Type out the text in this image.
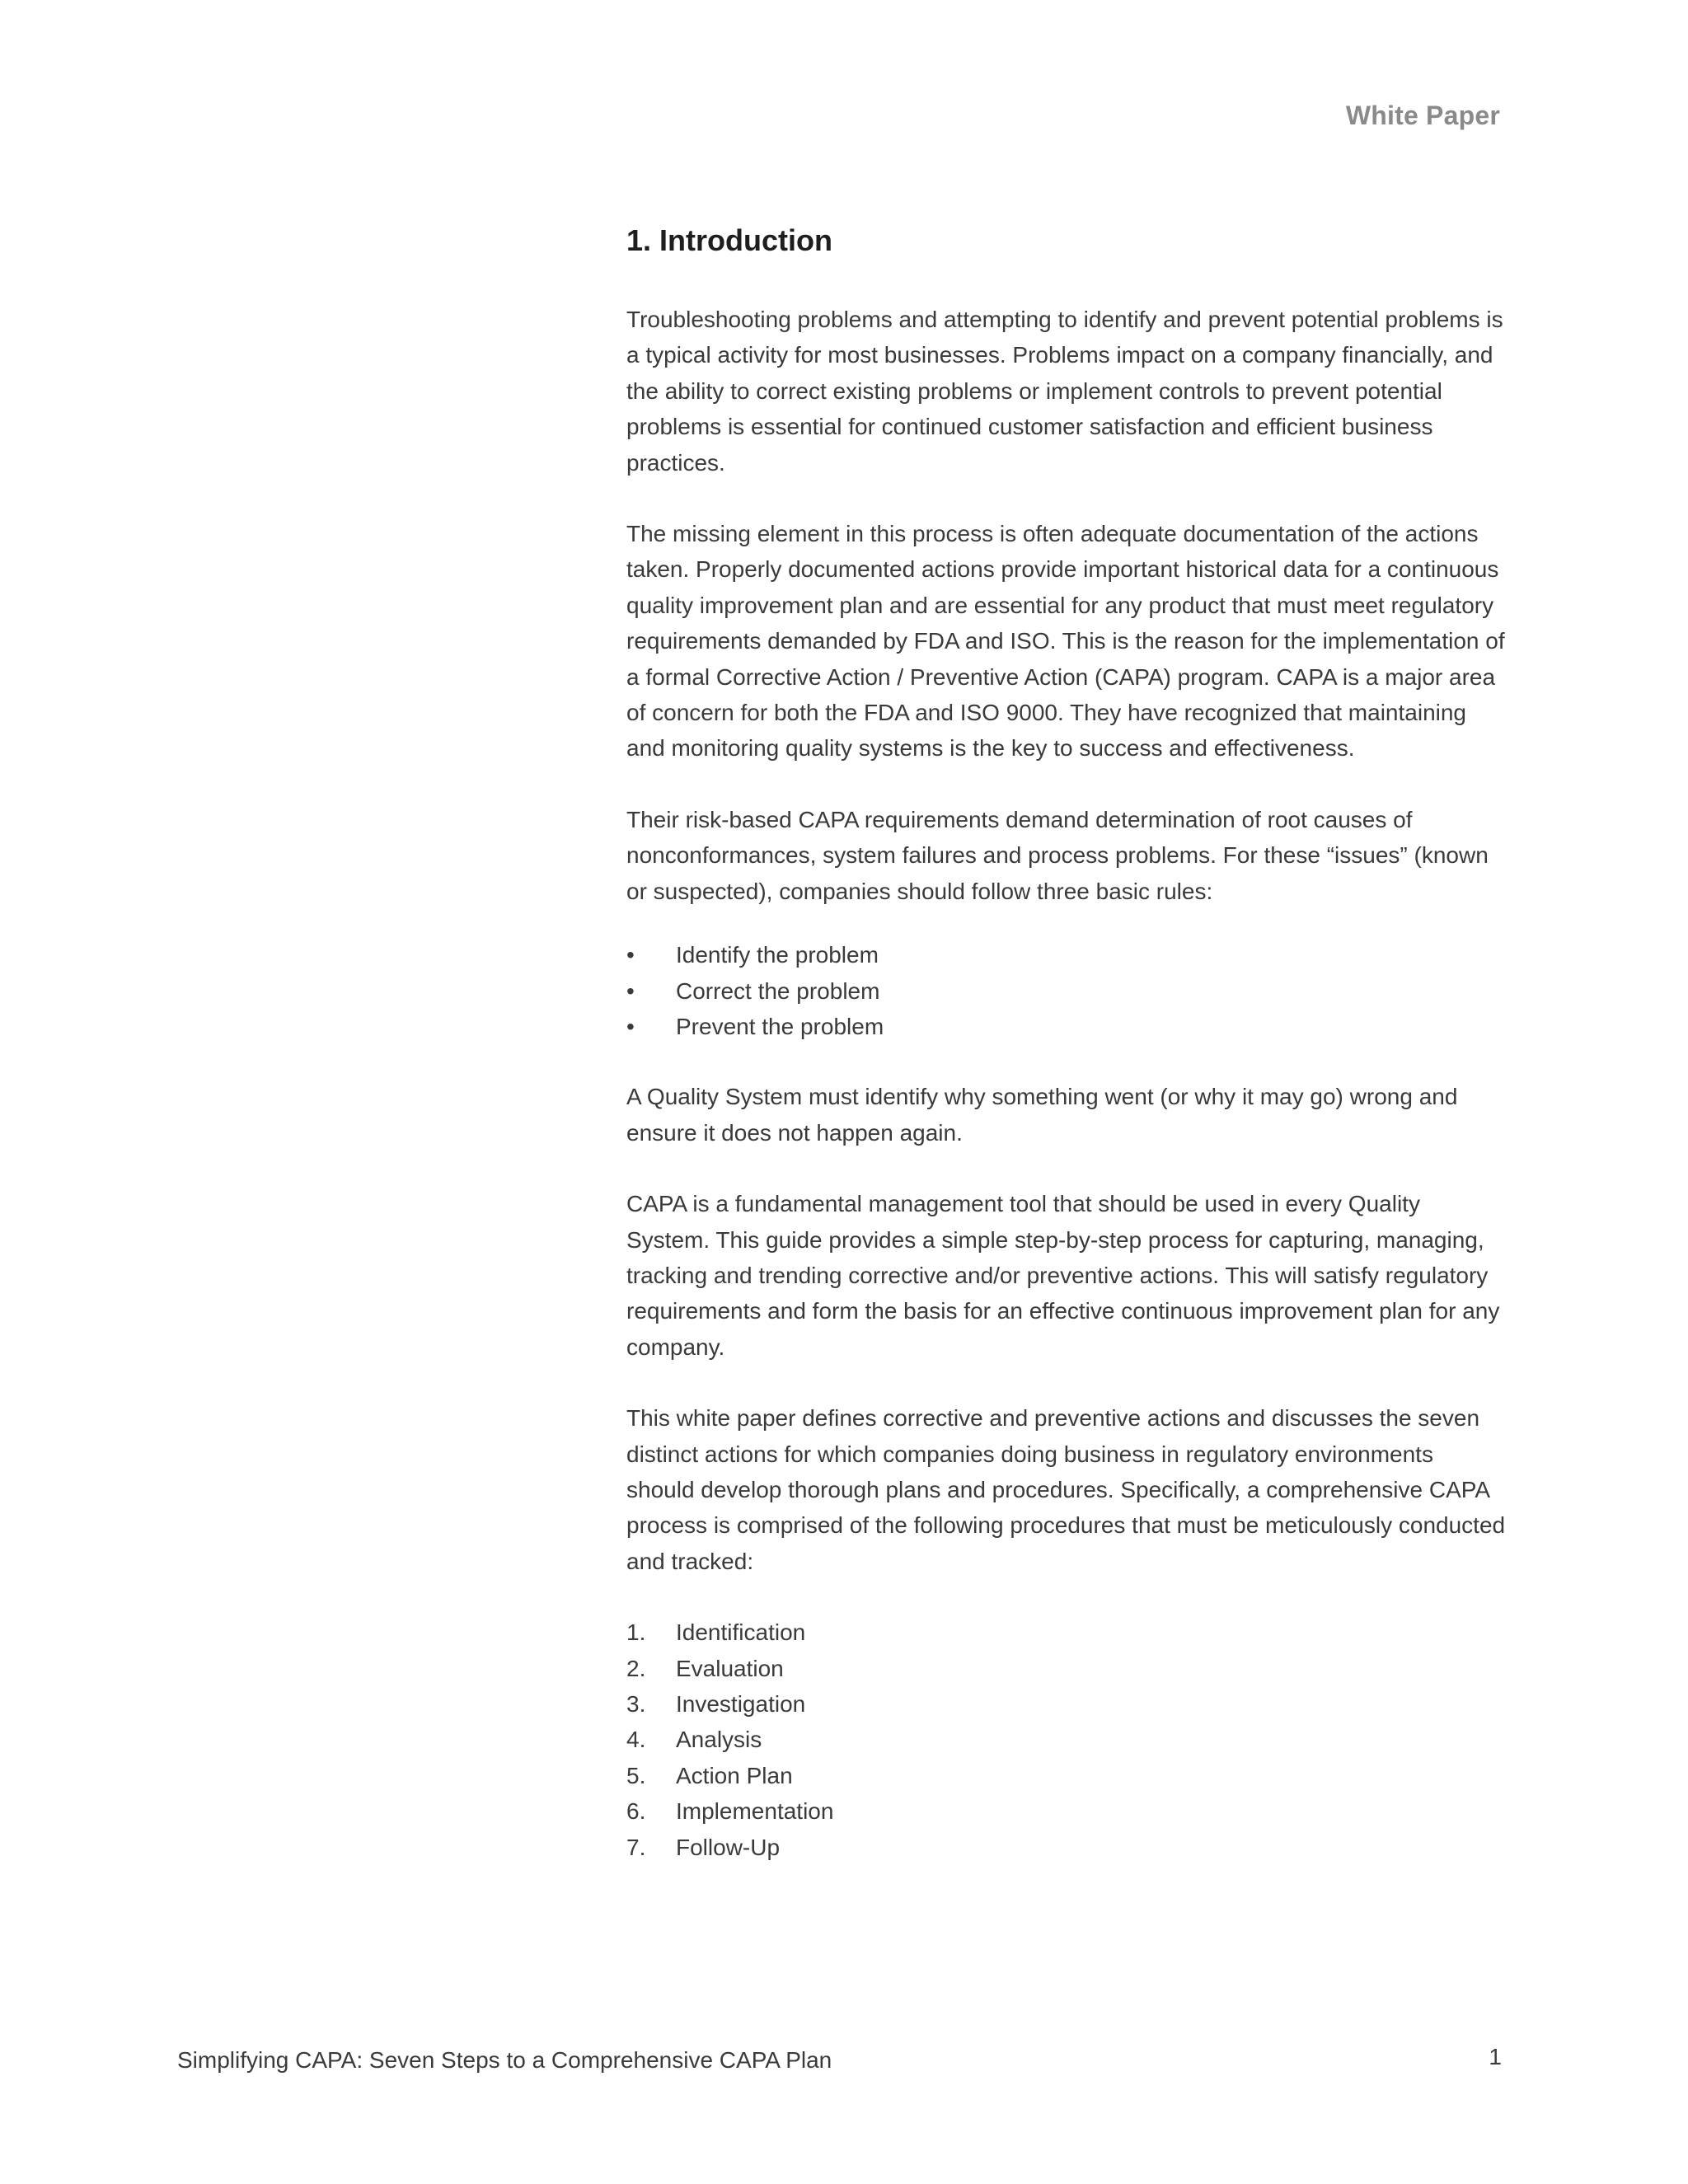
White Paper
1. Introduction

Troubleshooting problems and attempting to identify and prevent potential problems is a typical activity for most businesses. Problems impact on a company financially, and the ability to correct existing problems or implement controls to prevent potential problems is essential for continued customer satisfaction and efficient business practices.

The missing element in this process is often adequate documentation of the actions taken. Properly documented actions provide important historical data for a continuous quality improvement plan and are essential for any product that must meet regulatory requirements demanded by FDA and ISO. This is the reason for the implementation of a formal Corrective Action / Preventive Action (CAPA) program. CAPA is a major area of concern for both the FDA and ISO 9000. They have recognized that maintaining and monitoring quality systems is the key to success and effectiveness.

Their risk-based CAPA requirements demand determination of root causes of nonconformances, system failures and process problems. For these “issues” (known or suspected), companies should follow three basic rules:

•	Identify the problem
•	Correct the problem
•	Prevent the problem

A Quality System must identify why something went (or why it may go) wrong and ensure it does not happen again.

CAPA is a fundamental management tool that should be used in every Quality System. This guide provides a simple step-by-step process for capturing, managing, tracking and trending corrective and/or preventive actions. This will satisfy regulatory requirements and form the basis for an effective continuous improvement plan for any company.

This white paper defines corrective and preventive actions and discusses the seven distinct actions for which companies doing business in regulatory environments should develop thorough plans and procedures. Specifically, a comprehensive CAPA process is comprised of the following procedures that must be meticulously conducted and tracked:

1.	Identification
2.	Evaluation
3.	Investigation
4.	Analysis
5.	Action Plan
6.	Implementation
7.	Follow-Up
Simplifying CAPA: Seven Steps to a Comprehensive CAPA Plan	1
